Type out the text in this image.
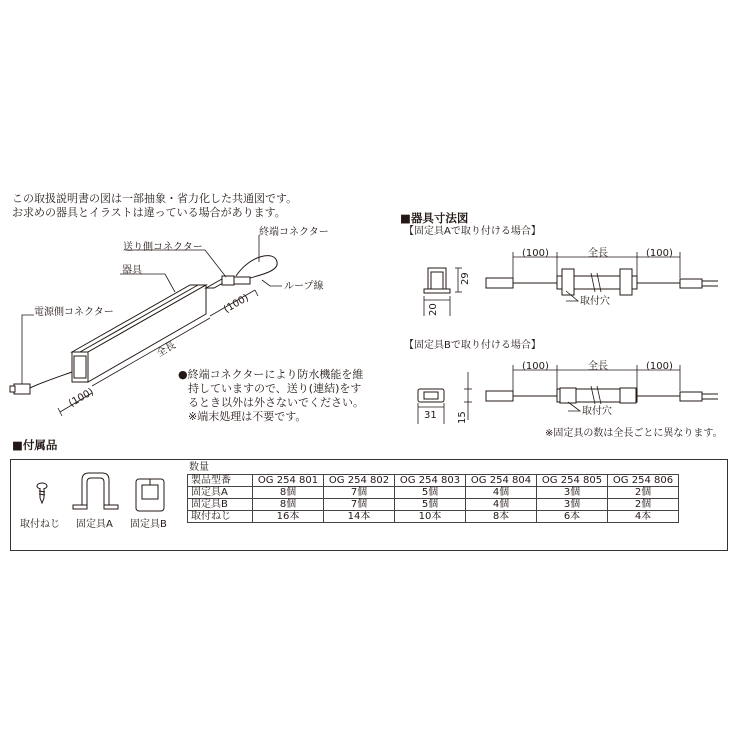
この取扱説明書の図は一部抽象・省力化した共通図です。
お求めの器具とイラストは違っている場合があります。
送り側コネクター
終端コネクター
器具
ループ線
電源側コネクター	(100)
全長
(100)
●終端コネクターにより防水機能を維
持していますので、送り(連結)をす
るとき以外は外さないでください。
※端末処理は不要です。
■器具寸法図
【固定具Aで取り付ける場合】
(100)	全長	(100)
29
20
取付穴
【固定具Bで取り付ける場合】
(100)	全長	(100)
31 15	取付穴
※固定具の数は全長ごとに異なります。
■付属品
取付ねじ 固定具A 固定具B
数量
製品型番	OG 254 801	OG 254 802	OG 254 803	OG 254 804	OG 254 805	OG 254 806
固定具A	8個	7個	5個	4個	3個	2個
固定具B	8個	7個	5個	4個	3個	2個
取付ねじ	16本	14本	10本	8本	6本	4本
